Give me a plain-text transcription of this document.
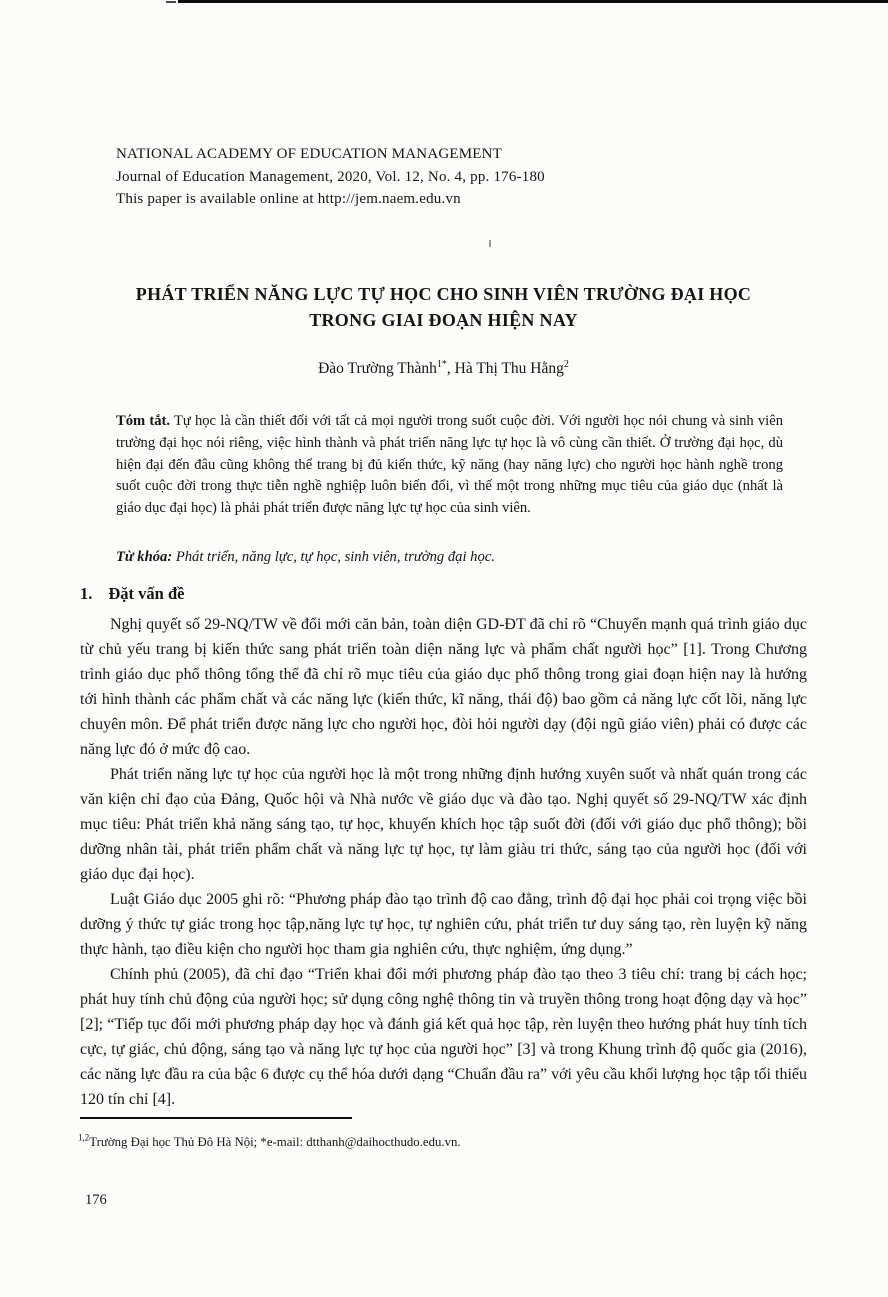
NATIONAL ACADEMY OF EDUCATION MANAGEMENT
Journal of Education Management, 2020, Vol. 12, No. 4, pp. 176-180
This paper is available online at http://jem.naem.edu.vn
PHÁT TRIỂN NĂNG LỰC TỰ HỌC CHO SINH VIÊN TRƯỜNG ĐẠI HỌC
TRONG GIAI ĐOẠN HIỆN NAY
Đào Trường Thành$^{1*}$, Hà Thị Thu Hằng$^2$

Tóm tắt. Tự học là cần thiết đối với tất cả mọi người trong suốt cuộc đời. Với người học nói chung và sinh viên trường đại học nói riêng, việc hình thành và phát triển năng lực tự học là vô cùng cần thiết. Ở trường đại học, dù hiện đại đến đâu cũng không thể trang bị đủ kiến thức, kỹ năng (hay năng lực) cho người học hành nghề trong suốt cuộc đời trong thực tiễn nghề nghiệp luôn biến đổi, vì thế một trong những mục tiêu của giáo dục (nhất là giáo dục đại học) là phải phát triển được năng lực tự học của sinh viên.

Từ khóa: Phát triển, năng lực, tự học, sinh viên, trường đại học.

1. Đặt vấn đề

Nghị quyết số 29-NQ/TW về đổi mới căn bản, toàn diện GD-ĐT đã chỉ rõ “Chuyển mạnh quá trình giáo dục từ chủ yếu trang bị kiến thức sang phát triển toàn diện năng lực và phẩm chất người học” [1]. Trong Chương trình giáo dục phổ thông tổng thể đã chỉ rõ mục tiêu của giáo dục phổ thông trong giai đoạn hiện nay là hướng tới hình thành các phẩm chất và các năng lực (kiến thức, kĩ năng, thái độ) bao gồm cả năng lực cốt lõi, năng lực chuyên môn. Để phát triển được năng lực cho người học, đòi hỏi người dạy (đội ngũ giáo viên) phải có được các năng lực đó ở mức độ cao.

Phát triển năng lực tự học của người học là một trong những định hướng xuyên suốt và nhất quán trong các văn kiện chỉ đạo của Đảng, Quốc hội và Nhà nước về giáo dục và đào tạo. Nghị quyết số 29-NQ/TW xác định mục tiêu: Phát triển khả năng sáng tạo, tự học, khuyến khích học tập suốt đời (đối với giáo dục phổ thông); bồi dưỡng nhân tài, phát triển phẩm chất và năng lực tự học, tự làm giàu tri thức, sáng tạo của người học (đối với giáo dục đại học).

Luật Giáo dục 2005 ghi rõ: “Phương pháp đào tạo trình độ cao đẳng, trình độ đại học phải coi trọng việc bồi dưỡng ý thức tự giác trong học tập,năng lực tự học, tự nghiên cứu, phát triển tư duy sáng tạo, rèn luyện kỹ năng thực hành, tạo điều kiện cho người học tham gia nghiên cứu, thực nghiệm, ứng dụng.”

Chính phủ (2005), đã chỉ đạo “Triển khai đổi mới phương pháp đào tạo theo 3 tiêu chí: trang bị cách học; phát huy tính chủ động của người học; sử dụng công nghệ thông tin và truyền thông trong hoạt động dạy và học” [2]; “Tiếp tục đổi mới phương pháp dạy học và đánh giá kết quả học tập, rèn luyện theo hướng phát huy tính tích cực, tự giác, chủ động, sáng tạo và năng lực tự học của người học” [3] và trong Khung trình độ quốc gia (2016), các năng lực đầu ra của bậc 6 được cụ thể hóa dưới dạng “Chuẩn đầu ra” với yêu cầu khối lượng học tập tối thiểu 120 tín chỉ [4].

$^{1,2}$Trường Đại học Thủ Đô Hà Nội; *e-mail: dtthanh@daihocthudo.edu.vn.
176
